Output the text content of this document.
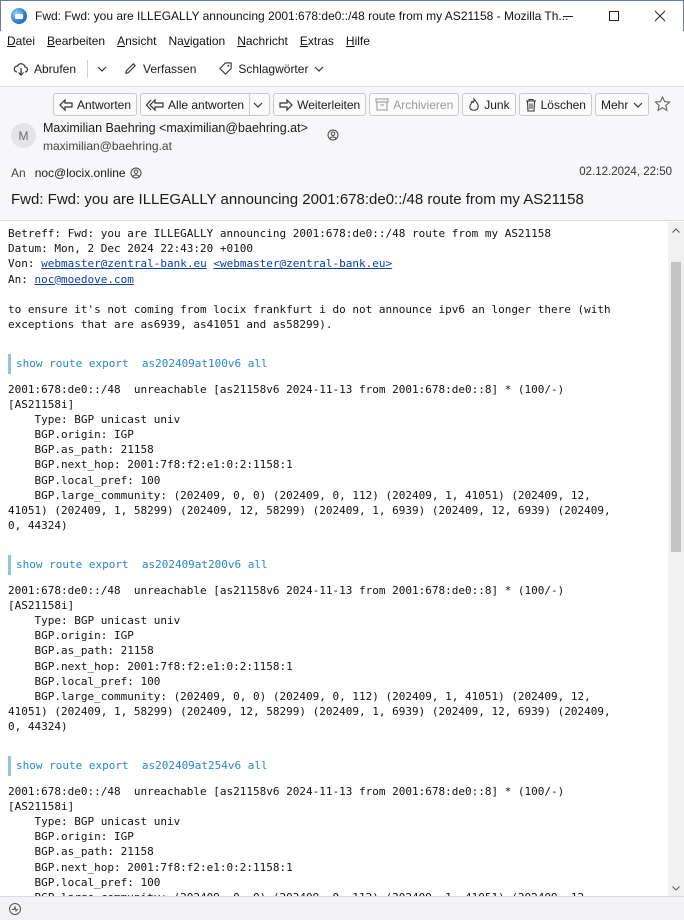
Fwd: Fwd: you are ILLEGALLY announcing 2001:678:de0::/48 route from my AS21158 - Mozilla Th...
Datei Bearbeiten Ansicht Navigation Nachricht Extras Hilfe
Abrufen	Verfassen	Schlagwörter
Antworten	Alle antworten	Weiterleiten	Archivieren	Junk	Löschen Mehr
M
Maximilian Baehring <maximilian@baehring.at>
maximilian@baehring.at
An noc@locix.online	02.12.2024, 22:50
Fwd: Fwd: you are ILLEGALLY announcing 2001:678:de0::/48 route from my AS21158
Betreff: Fwd: you are ILLEGALLY announcing 2001:678:de0::/48 route from my AS21158
Datum: Mon, 2 Dec 2024 22:43:20 +0100
Von: webmaster@zentral-bank.eu <webmaster@zentral-bank.eu>
An: noc@moedove.com
to ensure it's not coming from locix frankfurt i do not announce ipv6 an longer there (with
exceptions that are as6939, as41051 and as58299).
show route export  as202409at100v6 all
2001:678:de0::/48  unreachable [as21158v6 2024-11-13 from 2001:678:de0::8] * (100/-)
[AS21158i]
Type: BGP unicast univ
BGP.origin: IGP
BGP.as_path: 21158
BGP.next_hop: 2001:7f8:f2:e1:0:2:1158:1
BGP.local_pref: 100
BGP.large_community: (202409, 0, 0) (202409, 0, 112) (202409, 1, 41051) (202409, 12,
41051) (202409, 1, 58299) (202409, 12, 58299) (202409, 1, 6939) (202409, 12, 6939) (202409,
0, 44324)
show route export  as202409at200v6 all
2001:678:de0::/48  unreachable [as21158v6 2024-11-13 from 2001:678:de0::8] * (100/-)
[AS21158i]
Type: BGP unicast univ
BGP.origin: IGP
BGP.as_path: 21158
BGP.next_hop: 2001:7f8:f2:e1:0:2:1158:1
BGP.local_pref: 100
BGP.large_community: (202409, 0, 0) (202409, 0, 112) (202409, 1, 41051) (202409, 12,
41051) (202409, 1, 58299) (202409, 12, 58299) (202409, 1, 6939) (202409, 12, 6939) (202409,
0, 44324)
show route export  as202409at254v6 all
2001:678:de0::/48  unreachable [as21158v6 2024-11-13 from 2001:678:de0::8] * (100/-)
[AS21158i]
Type: BGP unicast univ
BGP.origin: IGP
BGP.as_path: 21158
BGP.next_hop: 2001:7f8:f2:e1:0:2:1158:1
BGP.local_pref: 100
